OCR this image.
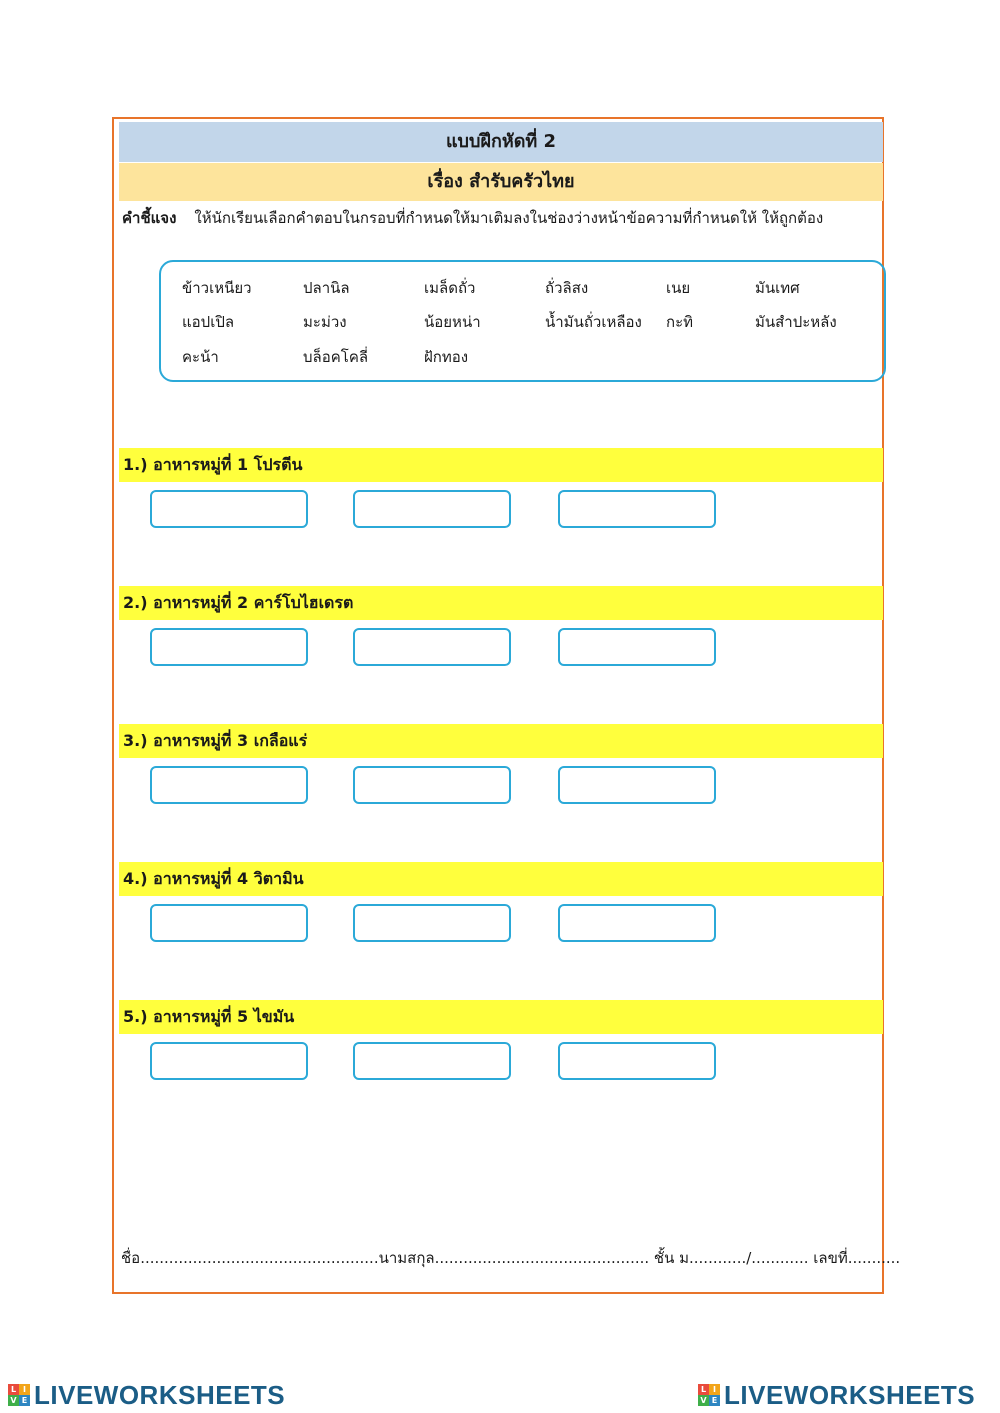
แบบฝึกหัดที่ 2
เรื่อง สำรับครัวไทย
คำชี้แจง ให้นักเรียนเลือกคำตอบในกรอบที่กำหนดให้มาเติมลงในช่องว่างหน้าข้อความที่กำหนดให้ ให้ถูกต้อง
ข้าวเหนียว	ปลานิล	เมล็ดถั่ว	ถั่วลิสง	เนย	มันเทศ
แอปเปิล	มะม่วง	น้อยหน่า	น้ำมันถั่วเหลือง กะทิ	มันสำปะหลัง
คะน้า	บล็อคโคลี่	ฝักทอง
1.) อาหารหมู่ที่ 1 โปรตีน
2.) อาหารหมู่ที่ 2 คาร์โบไฮเดรต
3.) อาหารหมู่ที่ 3 เกลือแร่
4.) อาหารหมู่ที่ 4 วิตามิน
5.) อาหารหมู่ที่ 5 ไขมัน
ชื่อ..................................................นามสกุล............................................. ชั้น ม............/............ เลขที่...........
L I
V E LIVEWORKSHEETS	L I
V E LIVEWORKSHEETS
